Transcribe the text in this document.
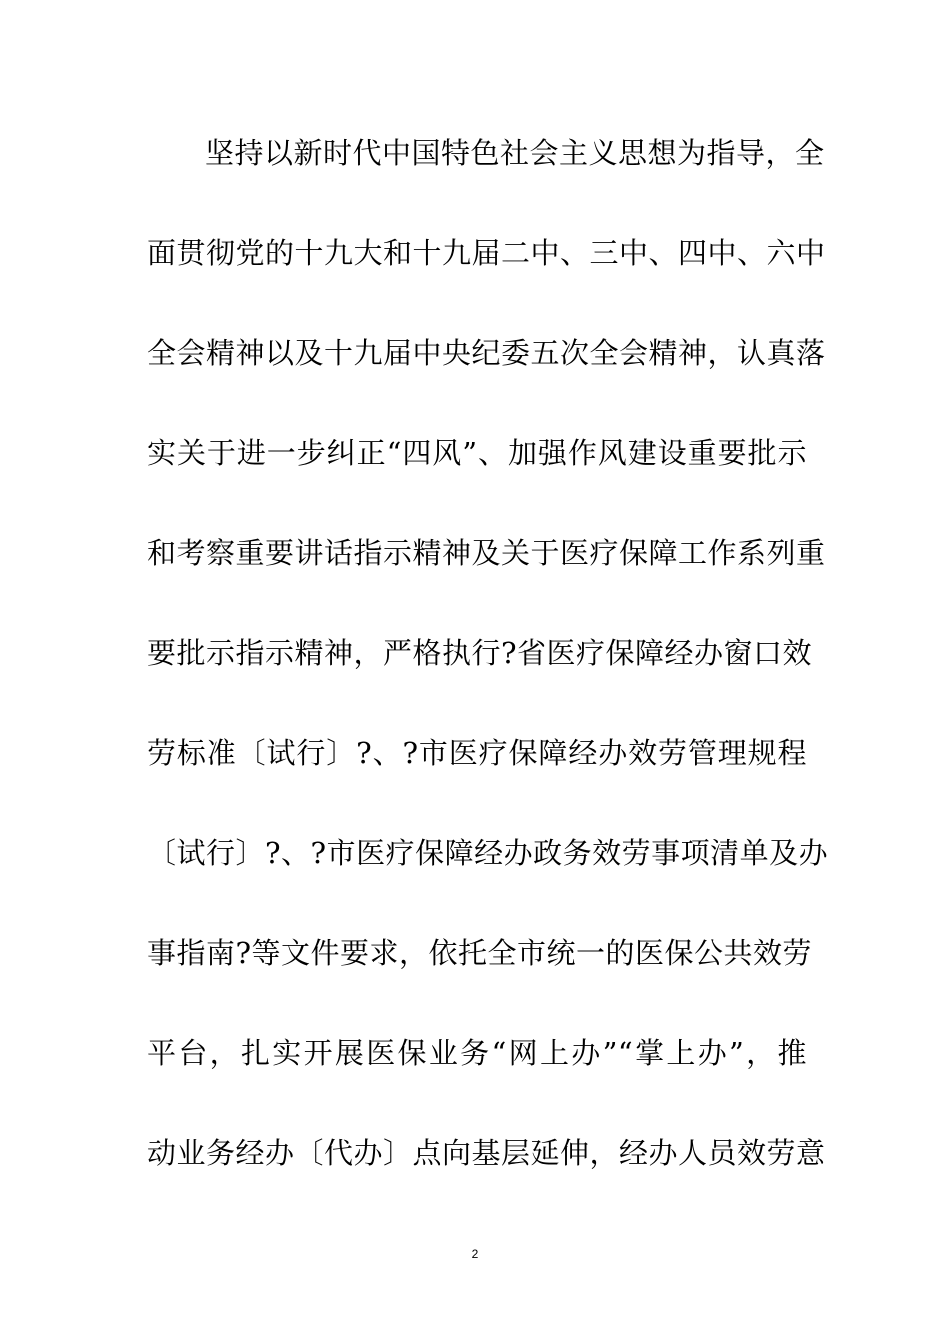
坚持以新时代中国特色社会主义思想为指导，全
面贯彻党的十九大和十九届二中、三中、四中、六中
全会精神以及十九届中央纪委五次全会精神，认真落
实关于进一步纠正“四风”、加强作风建设重要批示
和考察重要讲话指示精神及关于医疗保障工作系列重
要批示指示精神，严格执行?省医疗保障经办窗口效
劳标准〔试行〕?、?市医疗保障经办效劳管理规程
〔试行〕?、?市医疗保障经办政务效劳事项清单及办
事指南?等文件要求，依托全市统一的医保公共效劳
平台，扎实开展医保业务“网上办”“掌上办”，推
动业务经办〔代办〕点向基层延伸，经办人员效劳意
2
